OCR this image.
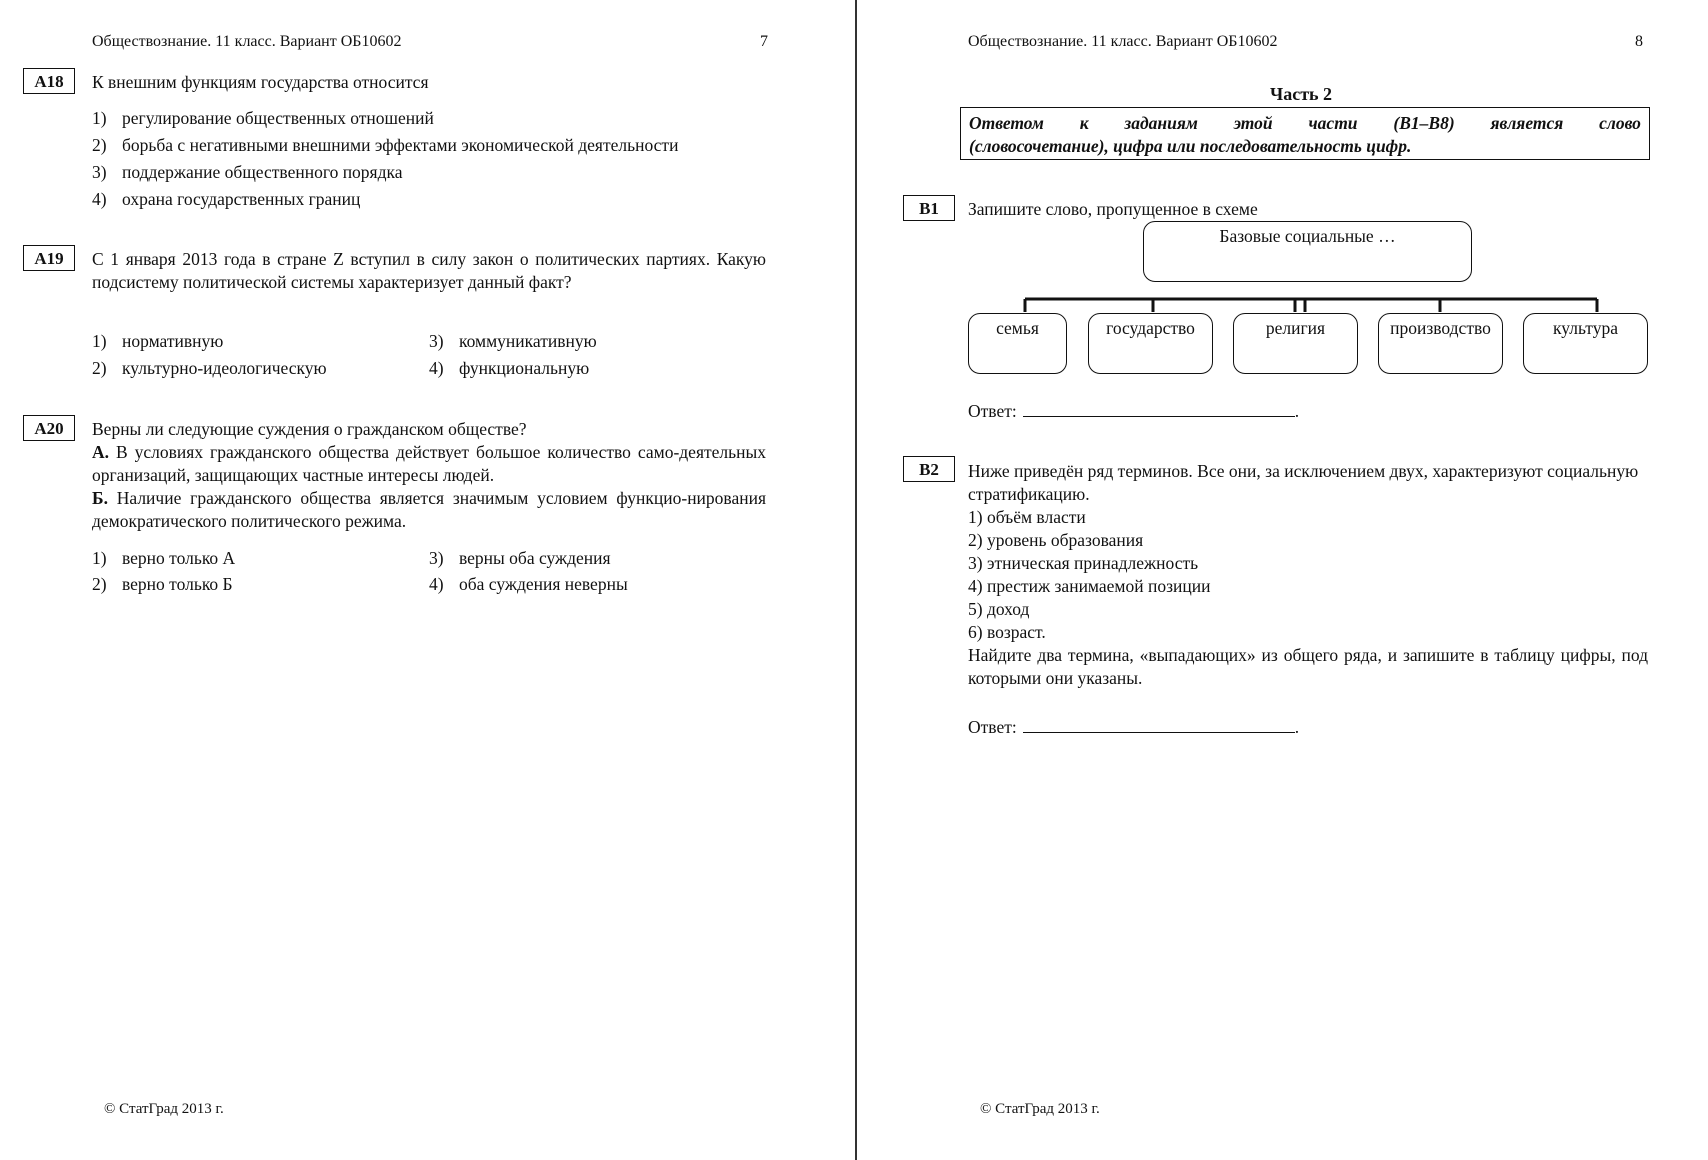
Обществознание. 11 класс. Вариант ОБ10602	7
A18	К внешним функциям государства относится
1) регулирование общественных отношений
2) борьба с негативными внешними эффектами экономической деятельности
3) поддержание общественного порядка
4) охрана государственных границ
A19	С 1 января 2013 года в стране Z вступил в силу закон о политических партиях. Какую подсистему политической системы характеризует данный факт?
1) нормативную	3) коммуникативную
2) культурно-идеологическую	4) функциональную
A20	Верны ли следующие суждения о гражданском обществе?
А. В условиях гражданского общества действует большое количество само-деятельных организаций, защищающих частные интересы людей.
Б. Наличие гражданского общества является значимым условием функцио-нирования демократического политического режима.
1) верно только А	3) верны оба суждения
2) верно только Б	4) оба суждения неверны
© СтатГрад 2013 г.
Обществознание. 11 класс. Вариант ОБ10602	8
Часть 2
Ответом к заданиям этой части (В1–В8) является слово
(словосочетание), цифра или последовательность цифр.
B1	Запишите слово, пропущенное в схеме
Базовые социальные …
семья	государство	религия	производство	культура
Ответ:	.
B2	Ниже приведён ряд терминов. Все они, за исключением двух, характеризуют социальную стратификацию.
1) объём власти
2) уровень образования
3) этническая принадлежность
4) престиж занимаемой позиции
5) доход
6) возраст.
Найдите два термина, «выпадающих» из общего ряда, и запишите в таблицу цифры, под которыми они указаны.
Ответ:	.
© СтатГрад 2013 г.
